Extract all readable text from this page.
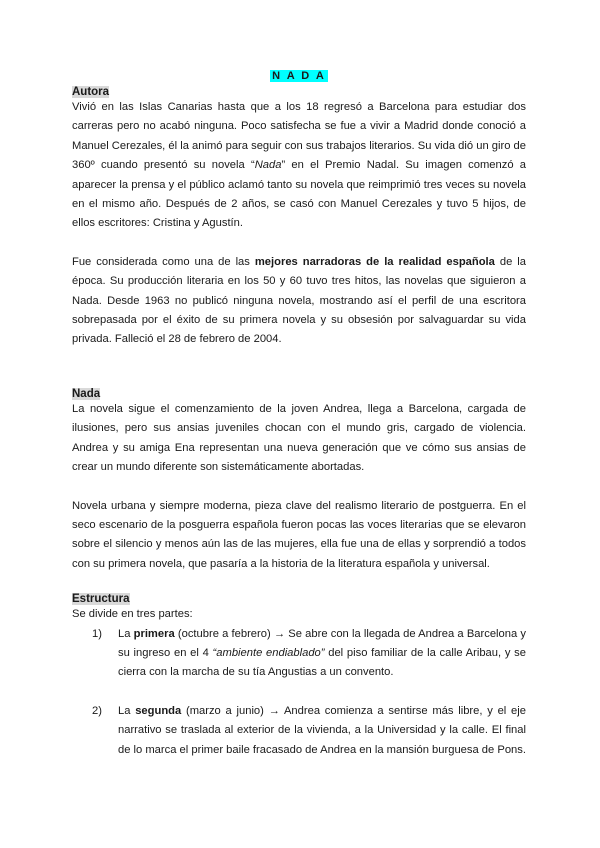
N A D A
Autora

Vivió en las Islas Canarias hasta que a los 18 regresó a Barcelona para estudiar dos carreras pero no acabó ninguna. Poco satisfecha se fue a vivir a Madrid donde conoció a Manuel Cerezales, él la animó para seguir con sus trabajos literarios. Su vida dió un giro de 360º cuando presentó su novela “Nada” en el Premio Nadal. Su imagen comenzó a aparecer la prensa y el público aclamó tanto su novela que reimprimió tres veces su novela en el mismo año. Después de 2 años, se casó con Manuel Cerezales y tuvo 5 hijos, de ellos escritores: Cristina y Agustín.

Fue considerada como una de las mejores narradoras de la realidad española de la época. Su producción literaria en los 50 y 60 tuvo tres hitos, las novelas que siguieron a Nada. Desde 1963 no publicó ninguna novela, mostrando así el perfil de una escritora sobrepasada por el éxito de su primera novela y su obsesión por salvaguardar su vida privada. Falleció el 28 de febrero de 2004.

Nada

La novela sigue el comenzamiento de la joven Andrea, llega a Barcelona, cargada de ilusiones, pero sus ansias juveniles chocan con el mundo gris, cargado de violencia. Andrea y su amiga Ena representan una nueva generación que ve cómo sus ansias de crear un mundo diferente son sistemáticamente abortadas.

Novela urbana y siempre moderna, pieza clave del realismo literario de postguerra. En el seco escenario de la posguerra española fueron pocas las voces literarias que se elevaron sobre el silencio y menos aún las de las mujeres, ella fue una de ellas y sorprendió a todos con su primera novela, que pasaría a la historia de la literatura española y universal.

Estructura

Se divide en tres partes:

1) La primera (octubre a febrero) → Se abre con la llegada de Andrea a Barcelona y su ingreso en el 4 “ambiente endiablado” del piso familiar de la calle Aribau, y se cierra con la marcha de su tía Angustias a un convento.
2) La segunda (marzo a junio) → Andrea comienza a sentirse más libre, y el eje narrativo se traslada al exterior de la vivienda, a la Universidad y la calle. El final de lo marca el primer baile fracasado de Andrea en la mansión burguesa de Pons.
